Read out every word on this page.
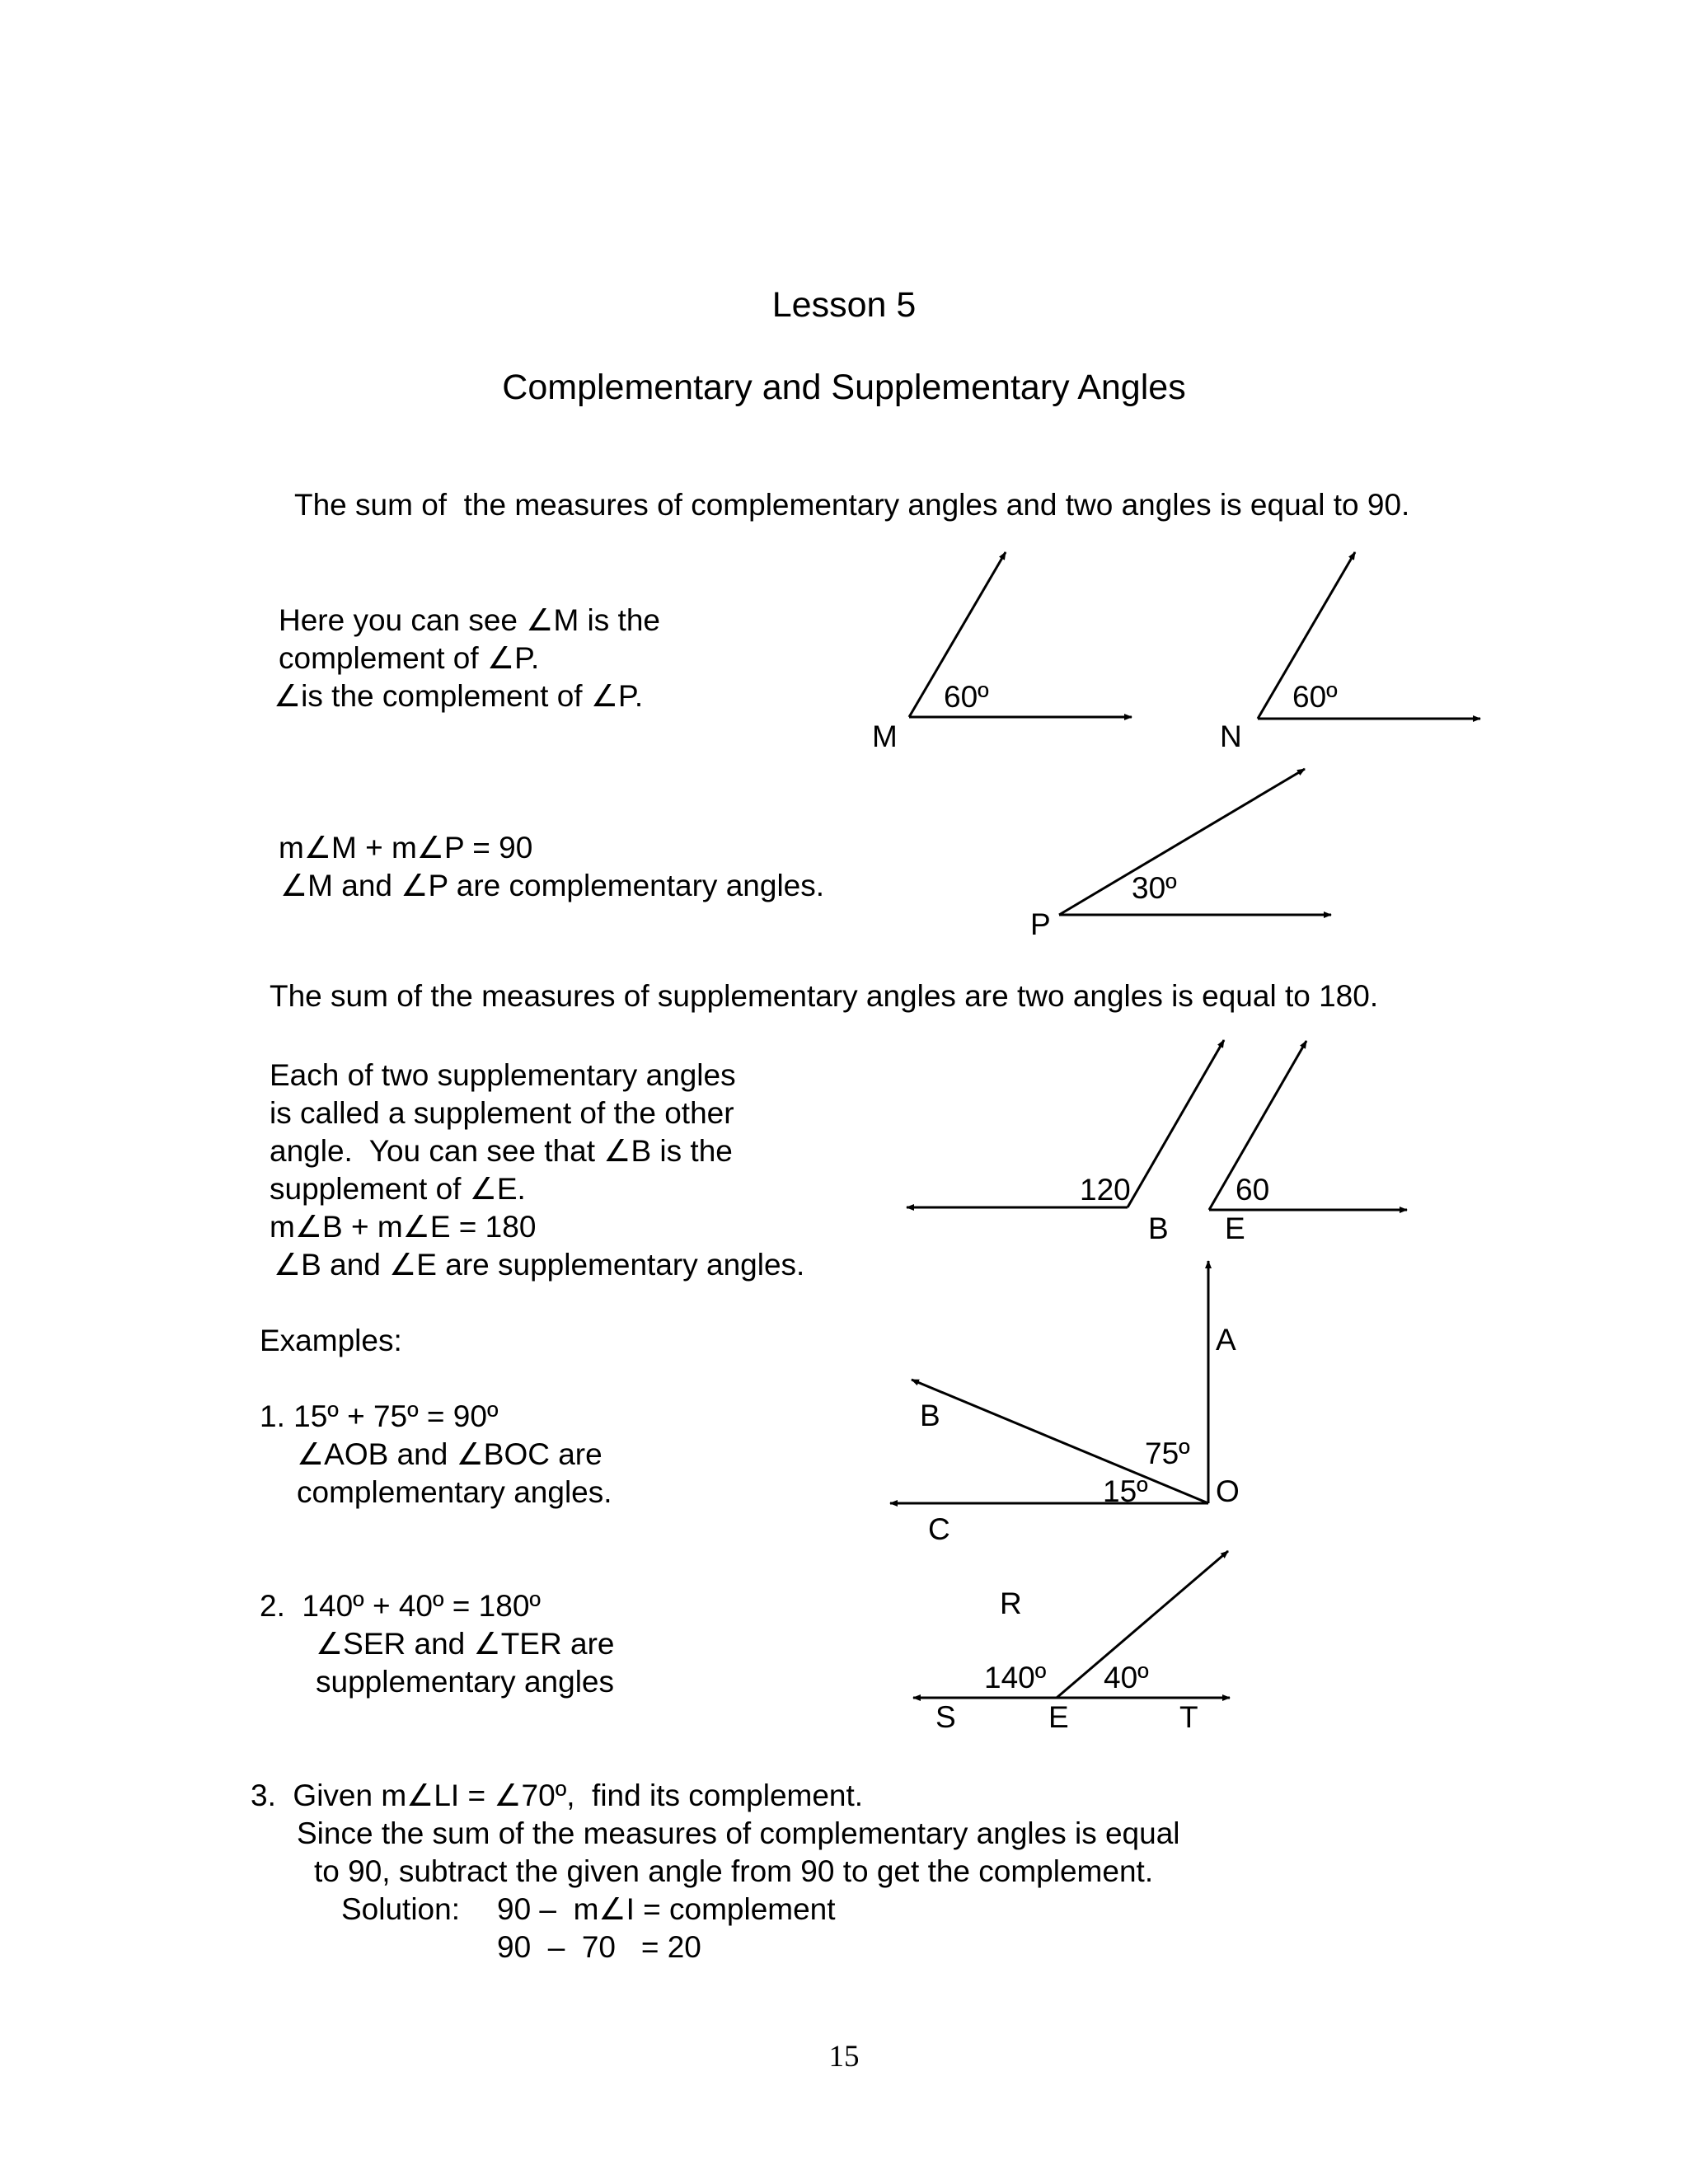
Lesson 5
Complementary and Supplementary Angles
The sum of  the measures of complementary angles and two angles is equal to 90.
Here you can see ∠M is the
complement of ∠P.
∠is the complement of ∠P.
m∠M + m∠P = 90
∠M and ∠P are complementary angles.
The sum of the measures of supplementary angles are two angles is equal to 180.
Each of two supplementary angles
is called a supplement of the other
angle.  You can see that ∠B is the
supplement of ∠E.
m∠B + m∠E = 180
∠B and ∠E are supplementary angles.
Examples:
1. 15º + 75º = 90º
∠AOB and ∠BOC are
complementary angles.
2.  140º + 40º = 180º
∠SER and ∠TER are
supplementary angles
3.  Given m∠LI = ∠70º,  find its complement.
Since the sum of the measures of complementary angles is equal
to 90, subtract the given angle from 90 to get the complement.
Solution: 90 –  m∠I = complement
90  –  70   = 20
15
M
60º
N
60º
P
30º
120
B
60
E
A
B
C
O
75º
15º
R
S	E	T
140º 40º
